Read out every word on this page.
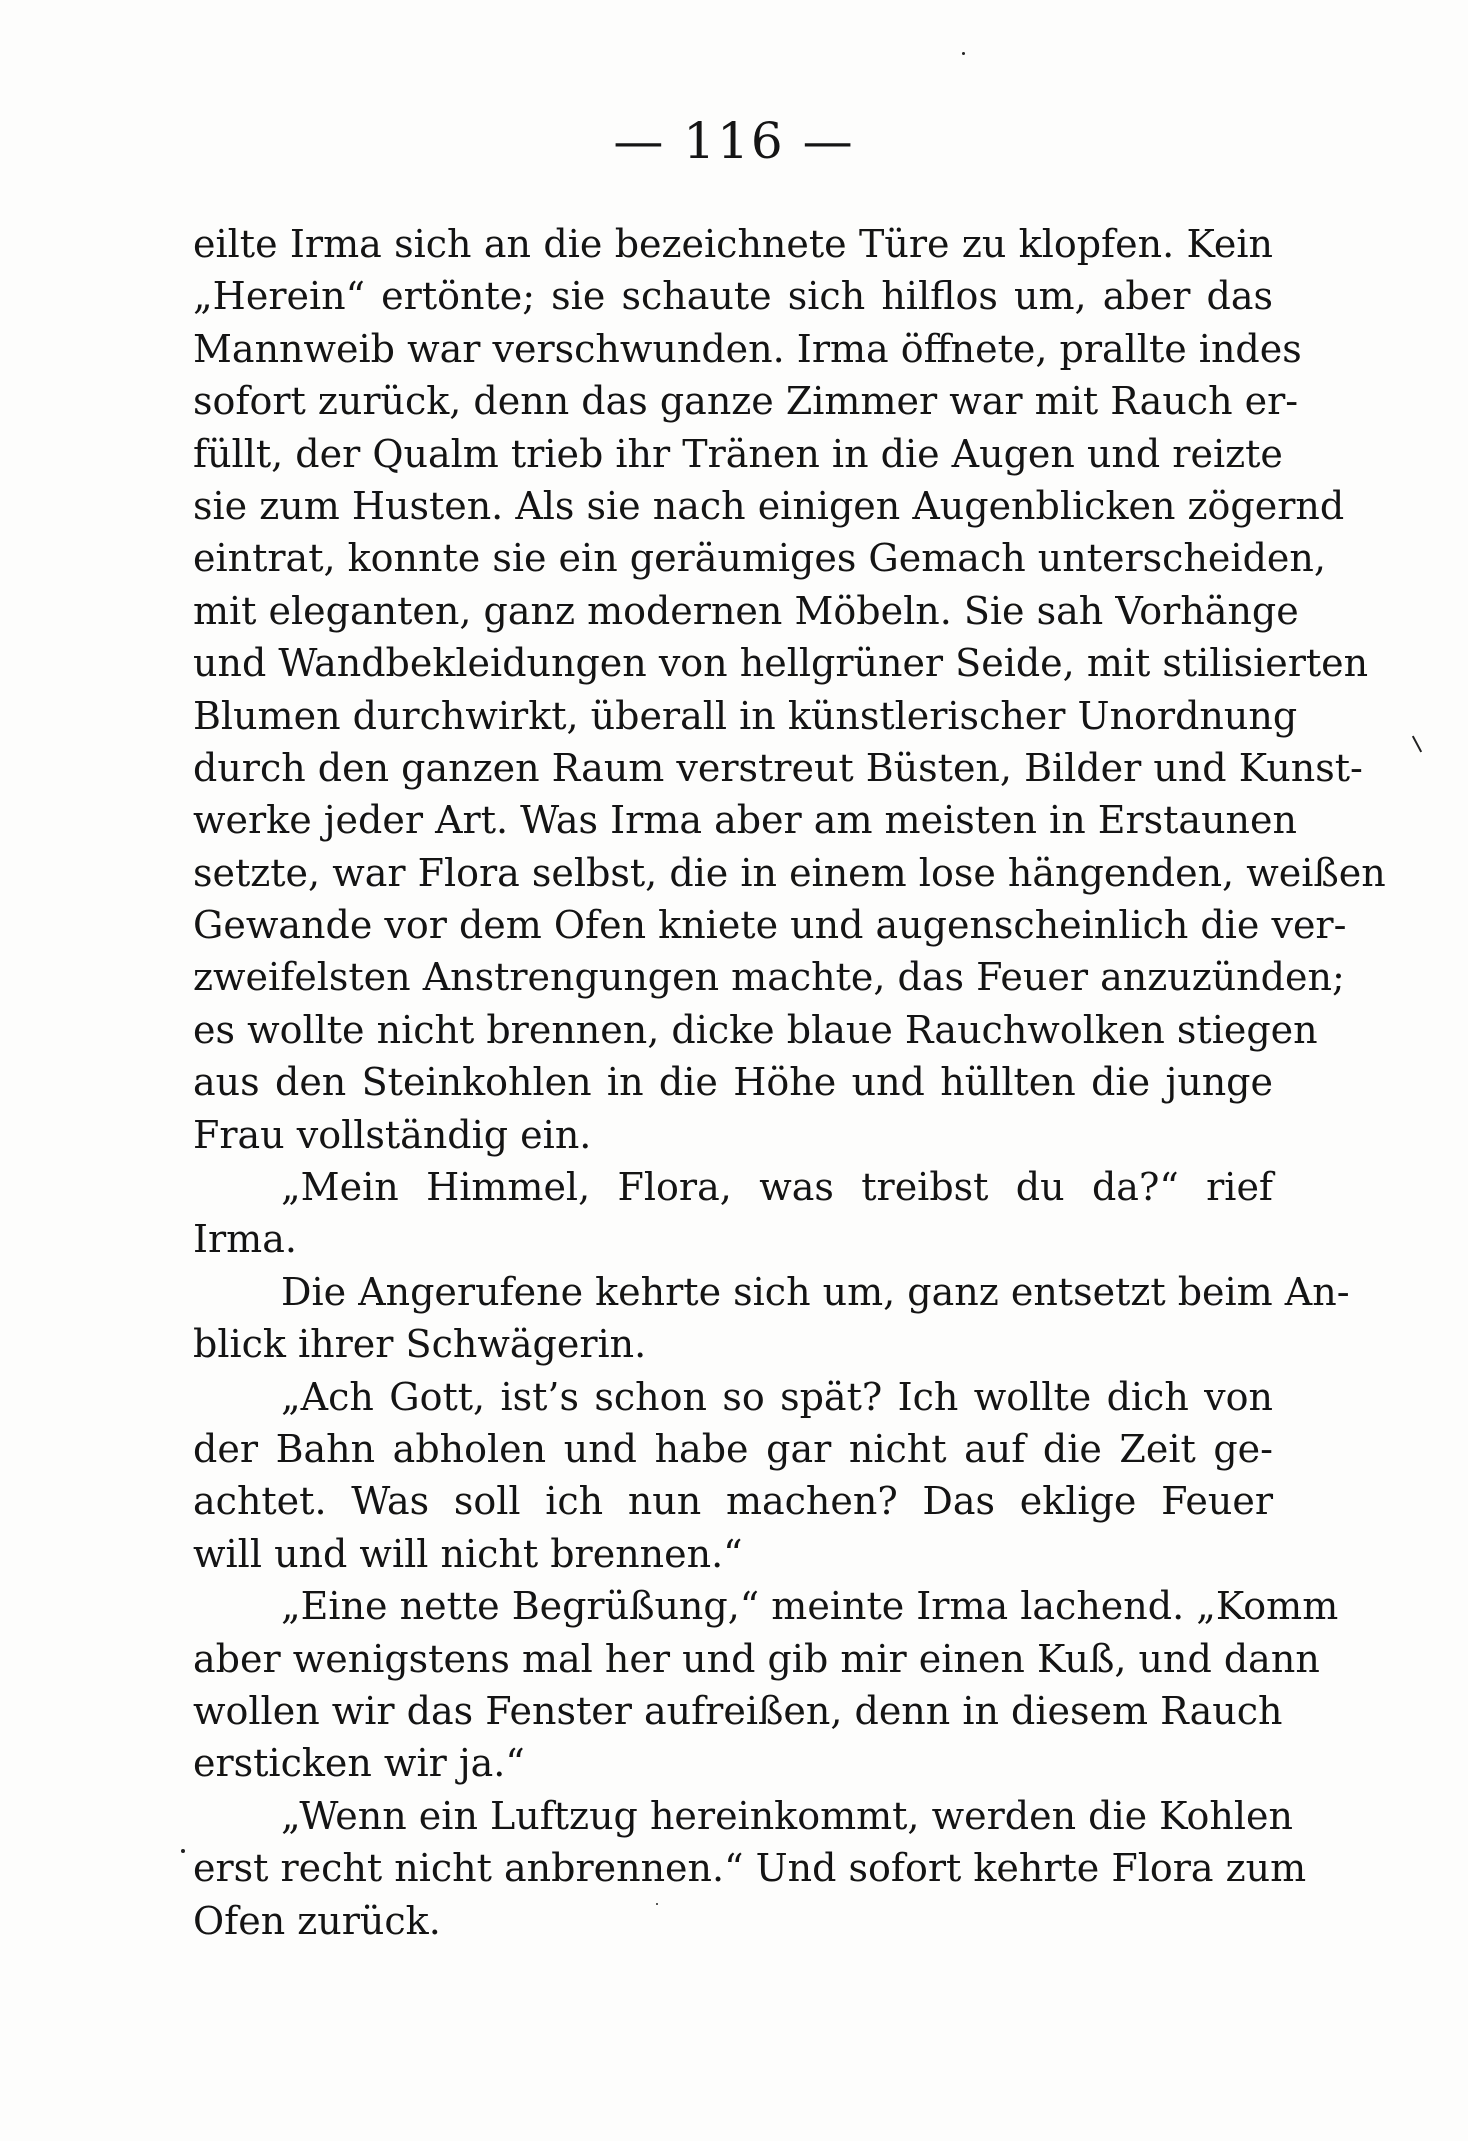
— 116 —
eilte Irma sich an die bezeichnete Türe zu klopfen. Kein
„Herein“ ertönte; sie schaute sich hilflos um, aber das
Mannweib war verschwunden. Irma öffnete, prallte indes
sofort zurück, denn das ganze Zimmer war mit Rauch er-
füllt, der Qualm trieb ihr Tränen in die Augen und reizte
sie zum Husten. Als sie nach einigen Augenblicken zögernd
eintrat, konnte sie ein geräumiges Gemach unterscheiden,
mit eleganten, ganz modernen Möbeln. Sie sah Vorhänge
und Wandbekleidungen von hellgrüner Seide, mit stilisierten
Blumen durchwirkt, überall in künstlerischer Unordnung
durch den ganzen Raum verstreut Büsten, Bilder und Kunst-
werke jeder Art. Was Irma aber am meisten in Erstaunen
setzte, war Flora selbst, die in einem lose hängenden, weißen
Gewande vor dem Ofen kniete und augenscheinlich die ver-
zweifelsten Anstrengungen machte, das Feuer anzuzünden;
es wollte nicht brennen, dicke blaue Rauchwolken stiegen
aus den Steinkohlen in die Höhe und hüllten die junge
Frau vollständig ein.
„Mein Himmel, Flora, was treibst du da?“ rief
Irma.
Die Angerufene kehrte sich um, ganz entsetzt beim An-
blick ihrer Schwägerin.
„Ach Gott, ist’s schon so spät? Ich wollte dich von
der Bahn abholen und habe gar nicht auf die Zeit ge-
achtet. Was soll ich nun machen? Das eklige Feuer
will und will nicht brennen.“
„Eine nette Begrüßung,“ meinte Irma lachend. „Komm
aber wenigstens mal her und gib mir einen Kuß, und dann
wollen wir das Fenster aufreißen, denn in diesem Rauch
ersticken wir ja.“
„Wenn ein Luftzug hereinkommt, werden die Kohlen
erst recht nicht anbrennen.“ Und sofort kehrte Flora zum
Ofen zurück.
